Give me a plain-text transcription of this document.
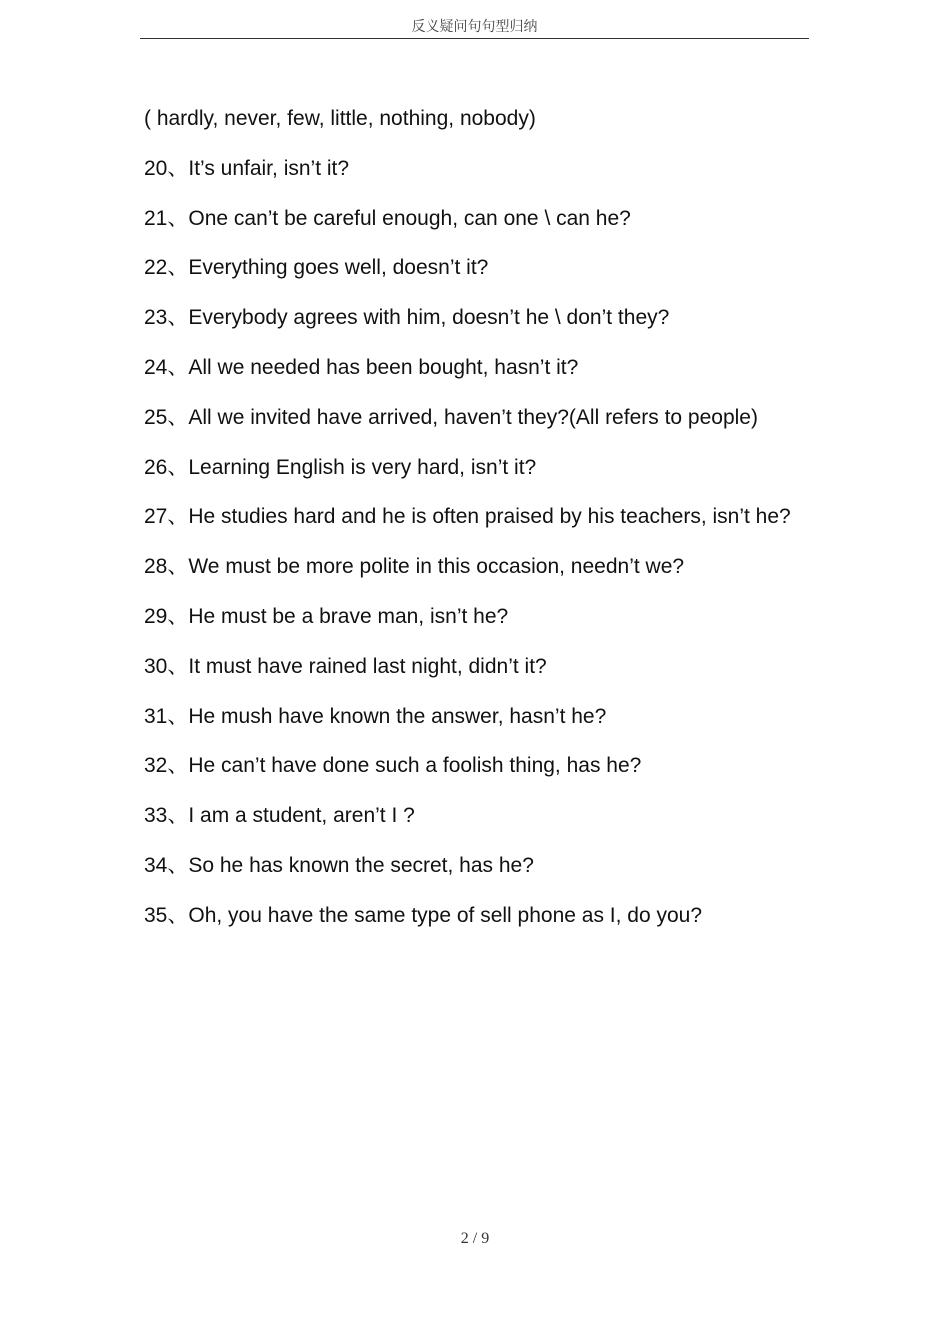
反义疑问句句型归纳
( hardly, never, few, little, nothing, nobody)
20、It’s unfair, isn’t it?
21、One can’t be careful enough, can one \ can he?
22、Everything goes well, doesn’t it?
23、Everybody agrees with him, doesn’t he \ don’t they?
24、All we needed has been bought, hasn’t it?
25、All we invited have arrived, haven’t they?(All refers to people)
26、Learning English is very hard, isn’t it?
27、He studies hard and he is often praised by his teachers, isn’t he?
28、We must be more polite in this occasion, needn’t we?
29、He must be a brave man, isn’t he?
30、It must have rained last night, didn’t it?
31、He mush have known the answer, hasn’t he?
32、He can’t have done such a foolish thing, has he?
33、I am a student, aren’t I ?
34、So he has known the secret, has he?
35、Oh, you have the same type of sell phone as I, do you?
2 / 9
